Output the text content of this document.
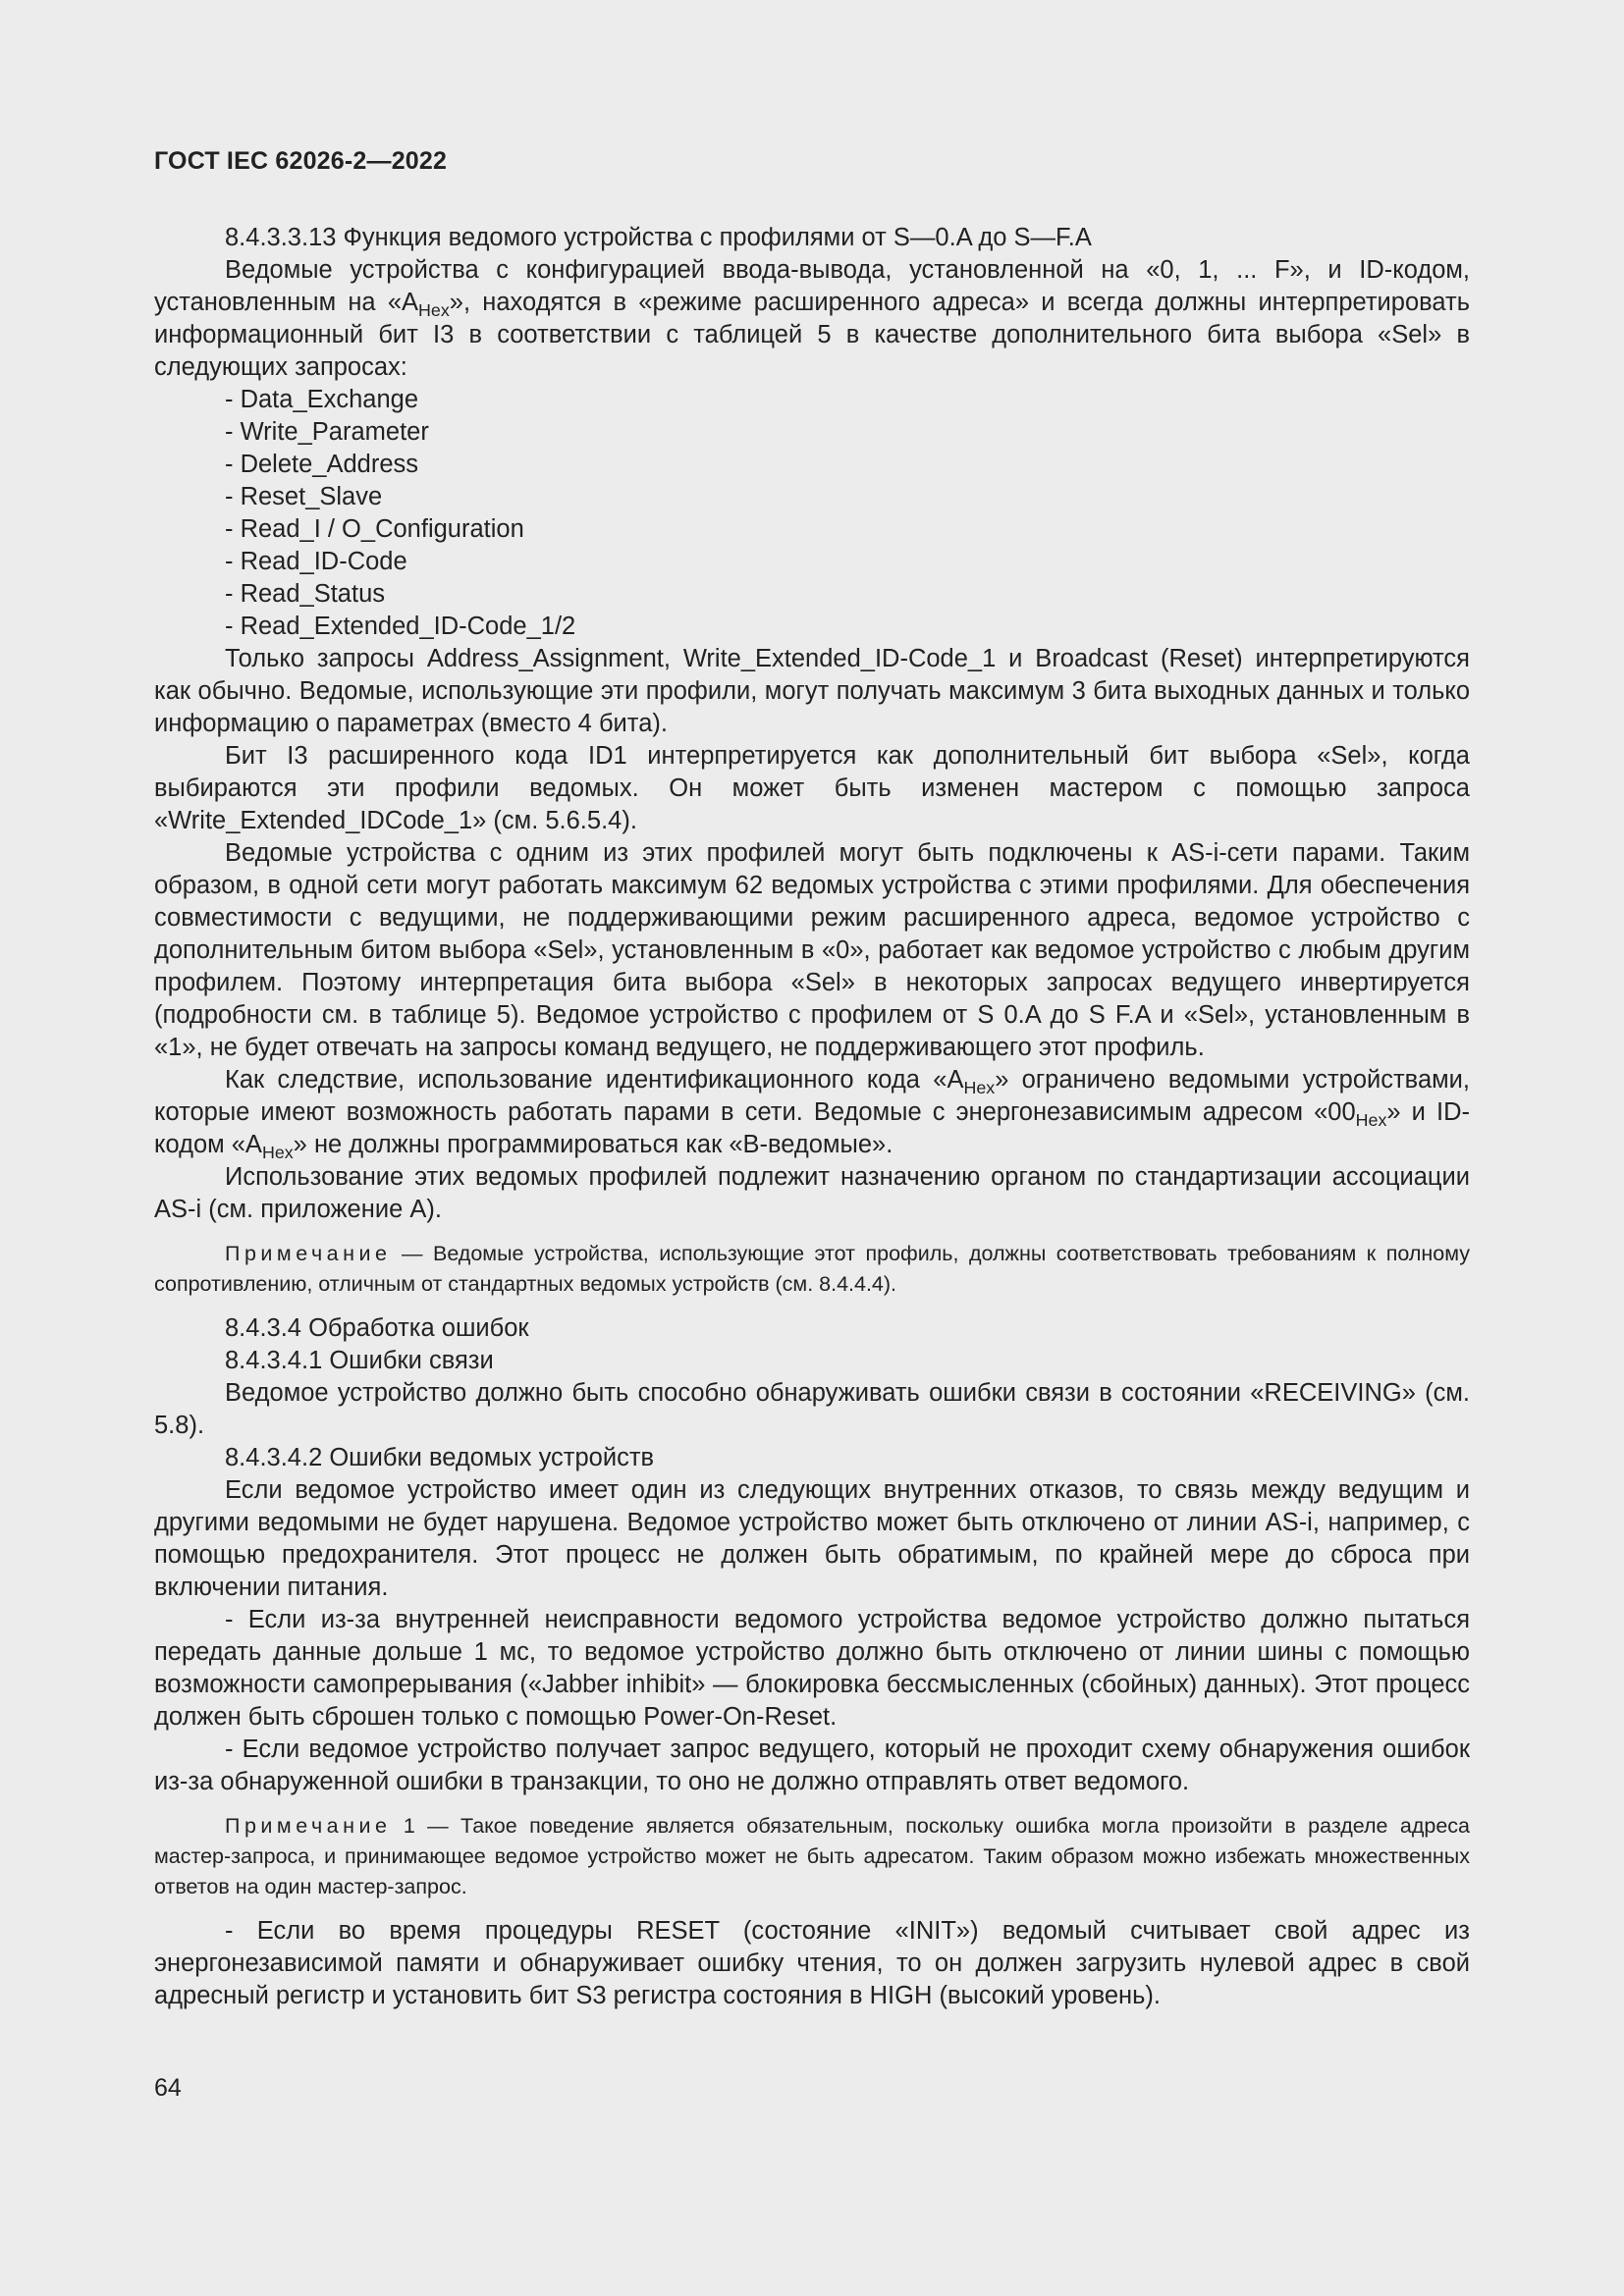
ГОСТ IEC 62026-2—2022

8.4.3.3.13 Функция ведомого устройства с профилями от S—0.A до S—F.A

Ведомые устройства с конфигурацией ввода-вывода, установленной на «0, 1, ... F», и ID-кодом, установленным на «$A_{Hex}$», находятся в «режиме расширенного адреса» и всегда должны интерпретировать информационный бит I3 в соответствии с таблицей 5 в качестве дополнительного бита выбора «Sel» в следующих запросах:

- Data_Exchange

- Write_Parameter

- Delete_Address

- Reset_Slave

- Read_I / O_Configuration

- Read_ID-Code

- Read_Status

- Read_Extended_ID-Code_1/2

Только запросы Address_Assignment, Write_Extended_ID-Code_1 и Broadcast (Reset) интерпретируются как обычно. Ведомые, использующие эти профили, могут получать максимум 3 бита выходных данных и только информацию о параметрах (вместо 4 бита).

Бит I3 расширенного кода ID1 интерпретируется как дополнительный бит выбора «Sel», когда выбираются эти профили ведомых. Он может быть изменен мастером с помощью запроса «Write_Extended_IDCode_1» (см. 5.6.5.4).

Ведомые устройства с одним из этих профилей могут быть подключены к AS-i-сети парами. Таким образом, в одной сети могут работать максимум 62 ведомых устройства с этими профилями. Для обеспечения совместимости с ведущими, не поддерживающими режим расширенного адреса, ведомое устройство с дополнительным битом выбора «Sel», установленным в «0», работает как ведомое устройство с любым другим профилем. Поэтому интерпретация бита выбора «Sel» в некоторых запросах ведущего инвертируется (подробности см. в таблице 5). Ведомое устройство с профилем от S 0.A до S F.A и «Sel», установленным в «1», не будет отвечать на запросы команд ведущего, не поддерживающего этот профиль.

Как следствие, использование идентификационного кода «$A_{Hex}$» ограничено ведомыми устройствами, которые имеют возможность работать парами в сети. Ведомые с энергонезависимым адресом «$00_{Hex}$» и ID-кодом «$A_{Hex}$» не должны программироваться как «B-ведомые».

Использование этих ведомых профилей подлежит назначению органом по стандартизации ассоциации AS-i (см. приложение A).

Примечание — Ведомые устройства, использующие этот профиль, должны соответствовать требованиям к полному сопротивлению, отличным от стандартных ведомых устройств (см. 8.4.4.4).

8.4.3.4 Обработка ошибок

8.4.3.4.1 Ошибки связи

Ведомое устройство должно быть способно обнаруживать ошибки связи в состоянии «RECEIVING» (см. 5.8).

8.4.3.4.2 Ошибки ведомых устройств

Если ведомое устройство имеет один из следующих внутренних отказов, то связь между ведущим и другими ведомыми не будет нарушена. Ведомое устройство может быть отключено от линии AS-i, например, с помощью предохранителя. Этот процесс не должен быть обратимым, по крайней мере до сброса при включении питания.

- Если из-за внутренней неисправности ведомого устройства ведомое устройство должно пытаться передать данные дольше 1 мс, то ведомое устройство должно быть отключено от линии шины с помощью возможности самопрерывания («Jabber inhibit» — блокировка бессмысленных (сбойных) данных). Этот процесс должен быть сброшен только с помощью Power-On-Reset.

- Если ведомое устройство получает запрос ведущего, который не проходит схему обнаружения ошибок из-за обнаруженной ошибки в транзакции, то оно не должно отправлять ответ ведомого.

Примечание 1 — Такое поведение является обязательным, поскольку ошибка могла произойти в разделе адреса мастер-запроса, и принимающее ведомое устройство может не быть адресатом. Таким образом можно избежать множественных ответов на один мастер-запрос.

- Если во время процедуры RESET (состояние «INIT») ведомый считывает свой адрес из энергонезависимой памяти и обнаруживает ошибку чтения, то он должен загрузить нулевой адрес в свой адресный регистр и установить бит S3 регистра состояния в HIGH (высокий уровень).

64
